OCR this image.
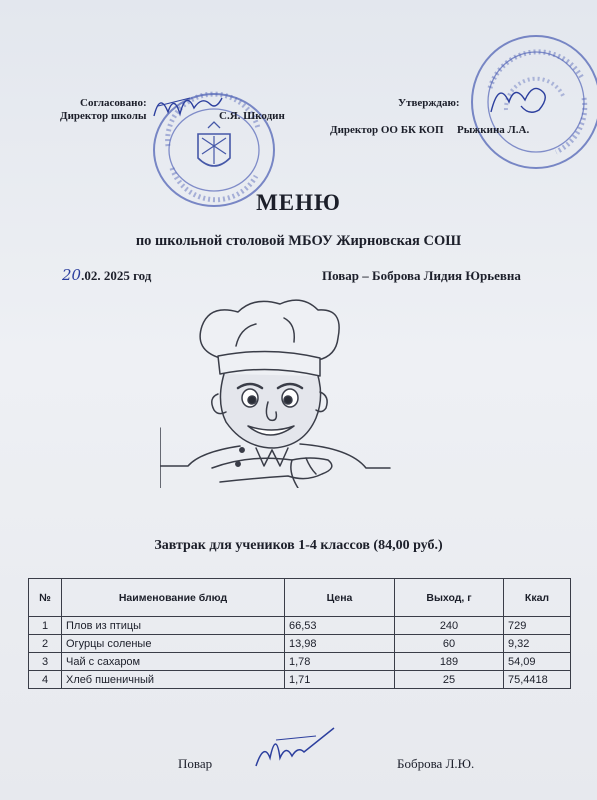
Согласовано:
Директор школы	С.Я. Шкодин
Утверждаю:
Директор ОО БК КОП Рыжкина Л.А.
МЕНЮ
по школьной столовой МБОУ Жирновская СОШ
20.02. 2025 год	Повар – Боброва Лидия Юрьевна
Завтрак для учеников 1-4 классов (84,00 руб.)
№	Наименование блюд	Цена	Выход, г	Ккал
1	Плов из птицы	66,53	240	729
2	Огурцы соленые	13,98	60	9,32
3	Чай с сахаром	1,78	189	54,09
4	Хлеб пшеничный	1,71	25	75,4418
Повар	Боброва Л.Ю.
